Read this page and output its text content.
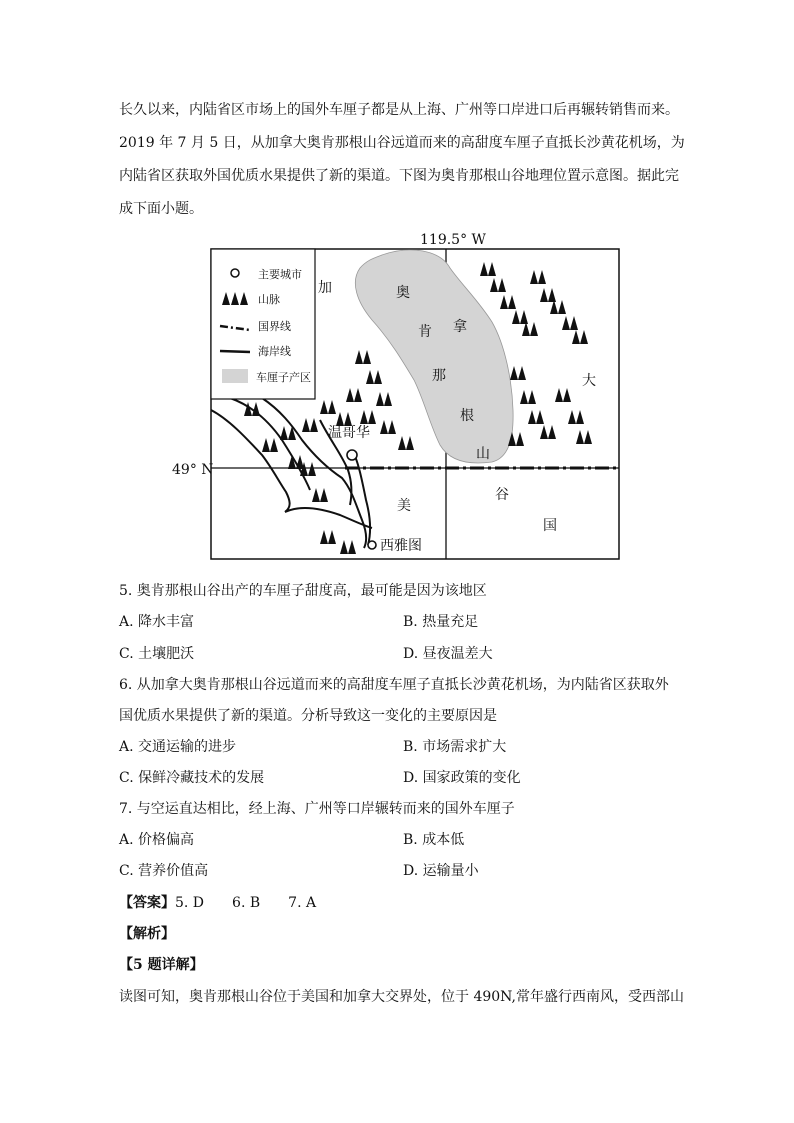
长久以来，内陆省区市场上的国外车厘子都是从上海、广州等口岸进口后再辗转销售而来。
2019 年 7 月 5 日，从加拿大奥肯那根山谷远道而来的高甜度车厘子直抵长沙黄花机场，为
内陆省区获取外国优质水果提供了新的渠道。下图为奥肯那根山谷地理位置示意图。据此完
成下面小题。
119.5° W
49° N
主要城市
山脉
国界线
海岸线
车厘子产区
加	奥
肯
那
根
山
拿
大
谷
国
美
温哥华
西雅图
5. 奥肯那根山谷出产的车厘子甜度高，最可能是因为该地区
A. 降水丰富	B. 热量充足
C. 土壤肥沃	D. 昼夜温差大
6. 从加拿大奥肯那根山谷远道而来的高甜度车厘子直抵长沙黄花机场，为内陆省区获取外
国优质水果提供了新的渠道。分析导致这一变化的主要原因是
A. 交通运输的进步	B. 市场需求扩大
C. 保鲜冷藏技术的发展	D. 国家政策的变化
7. 与空运直达相比，经上海、广州等口岸辗转而来的国外车厘子
A. 价格偏高	B. 成本低
C. 营养价值高	D. 运输量小
【答案】5. D 6. B 7. A
【解析】
【5 题详解】
读图可知，奥肯那根山谷位于美国和加拿大交界处，位于 490N,常年盛行西南风，受西部山
